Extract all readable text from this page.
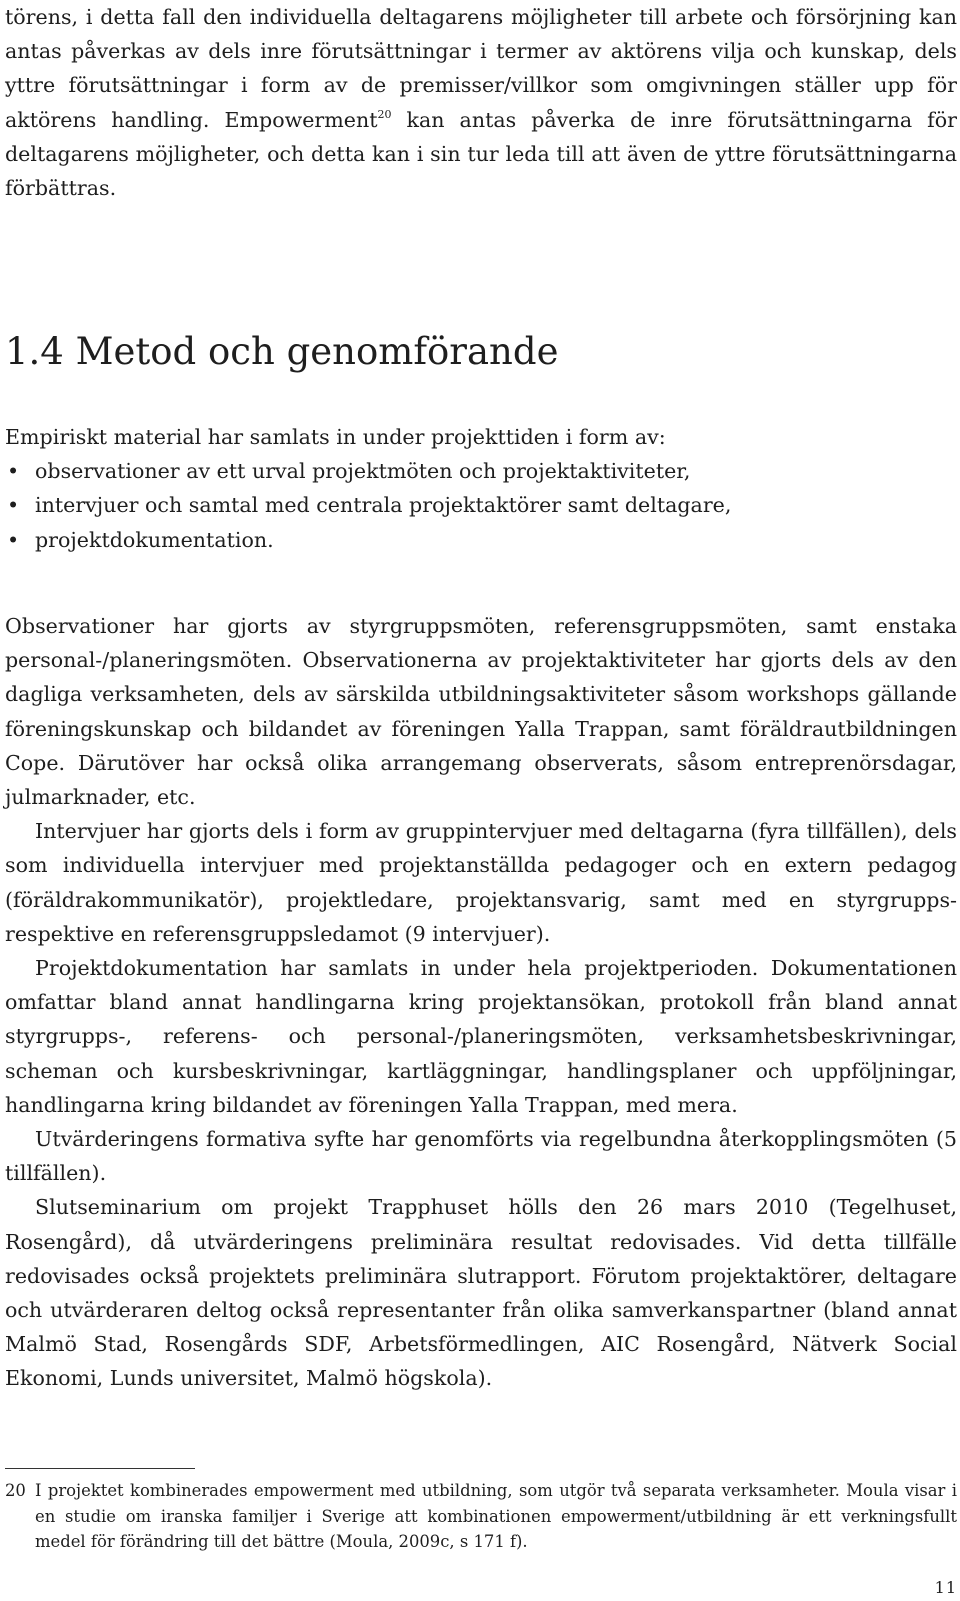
törens, i detta fall den individuella deltagarens möjligheter till arbete och försörjning kan antas påverkas av dels inre förutsättningar i termer av aktörens vilja och kunskap, dels yttre förutsättningar i form av de premisser/villkor som omgivningen ställer upp för aktörens handling. Empowerment$^{20}$ kan antas påverka de inre förutsättningarna för deltagarens möjligheter, och detta kan i sin tur leda till att även de yttre förutsättningarna förbättras.

1.4 Metod och genomförande

Empiriskt material har samlats in under projekttiden i form av:

• observationer av ett urval projektmöten och projektaktiviteter,
• intervjuer och samtal med centrala projektaktörer samt deltagare,
• projektdokumentation.

Observationer har gjorts av styrgruppsmöten, referensgruppsmöten, samt enstaka personal-/planeringsmöten. Observationerna av projektaktiviteter har gjorts dels av den dagliga verksamheten, dels av särskilda utbildningsaktiviteter såsom workshops gällande föreningskunskap och bildandet av föreningen Yalla Trappan, samt föräldrautbildningen Cope. Därutöver har också olika arrangemang observerats, såsom entreprenörsdagar, julmarknader, etc.

Intervjuer har gjorts dels i form av gruppintervjuer med deltagarna (fyra tillfällen), dels som individuella intervjuer med projektanställda pedagoger och en extern pedagog (föräldrakommunikatör), projektledare, projektansvarig, samt med en styrgrupps- respektive en referensgruppsledamot (9 intervjuer).

Projektdokumentation har samlats in under hela projektperioden. Dokumentationen omfattar bland annat handlingarna kring projektansökan, protokoll från bland annat styrgrupps-, referens- och personal-/planeringsmöten, verksamhetsbeskrivningar, scheman och kursbeskrivningar, kartläggningar, handlingsplaner och uppföljningar, handlingarna kring bildandet av föreningen Yalla Trappan, med mera.

Utvärderingens formativa syfte har genomförts via regelbundna återkopplingsmöten (5 tillfällen).

Slutseminarium om projekt Trapphuset hölls den 26 mars 2010 (Tegelhuset, Rosengård), då utvärderingens preliminära resultat redovisades. Vid detta tillfälle redovisades också projektets preliminära slutrapport. Förutom projektaktörer, deltagare och utvärderaren deltog också representanter från olika samverkanspartner (bland annat Malmö Stad, Rosengårds SDF, Arbetsförmedlingen, AIC Rosengård, Nätverk Social Ekonomi, Lunds universitet, Malmö högskola).

20 I projektet kombinerades empowerment med utbildning, som utgör två separata verksamheter. Moula visar i en studie om iranska familjer i Sverige att kombinationen empowerment/utbildning är ett verkningsfullt medel för förändring till det bättre (Moula, 2009c, s 171 f).
11
